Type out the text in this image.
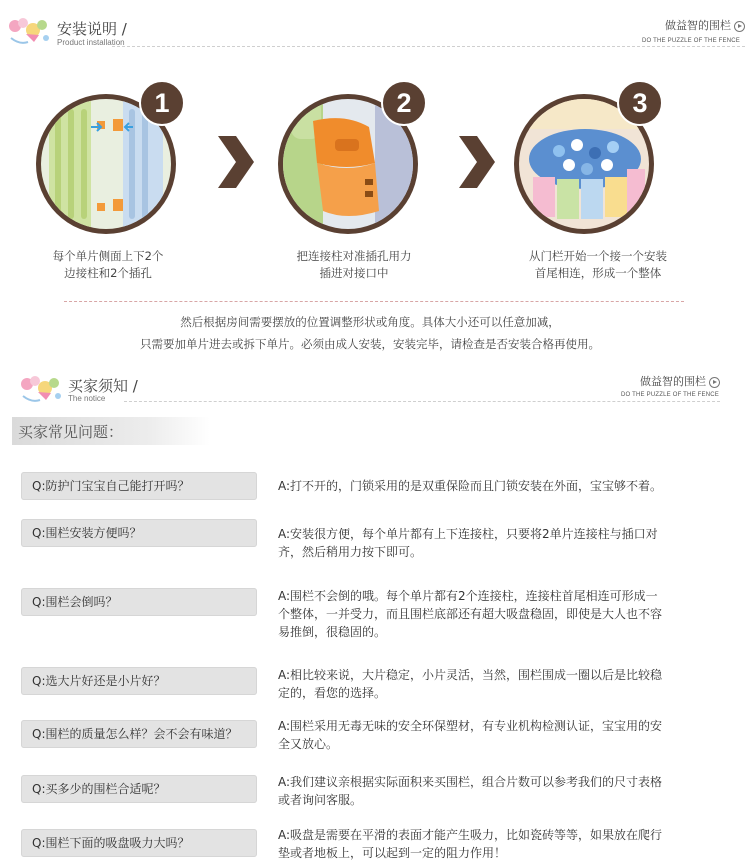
安装说明 /
Product installation
做益智的围栏
DO THE PUZZLE OF THE FENCE
1
每个单片侧面上下2个
边接柱和2个插孔
2
把连接柱对准插孔用力
插进对接口中
3
从门栏开始一个接一个安装
首尾相连，形成一个整体
然后根据房间需要摆放的位置调整形状或角度。具体大小还可以任意加减，
只需要加单片进去或拆下单片。必须由成人安装，安装完毕，请检查是否安装合格再使用。
买家须知 /
The notice
做益智的围栏
DO THE PUZZLE OF THE FENCE
买家常见问题：
Q:防护门宝宝自己能打开吗？	A:打不开的，门锁采用的是双重保险而且门锁安装在外面，宝宝够不着。
Q:围栏安装方便吗？	A:安装很方便，每个单片都有上下连接柱，只要将2单片连接柱与插口对
齐，然后稍用力按下即可。
Q:围栏会倒吗？	A:围栏不会倒的哦。每个单片都有2个连接柱，连接柱首尾相连可形成一
个整体，一并受力，而且围栏底部还有超大吸盘稳固，即使是大人也不容
易推倒，很稳固的。
Q:选大片好还是小片好？	A:相比较来说，大片稳定，小片灵活，当然，围栏围成一圈以后是比较稳
定的，看您的选择。
Q:围栏的质量怎么样？会不会有味道？
A:围栏采用无毒无味的安全环保塑材，有专业机构检测认证，宝宝用的安
全又放心。
Q:买多少的围栏合适呢？	A:我们建议亲根据实际面积来买围栏，组合片数可以参考我们的尺寸表格
或者询问客服。
Q:围栏下面的吸盘吸力大吗？
A:吸盘是需要在平滑的表面才能产生吸力，比如瓷砖等等，如果放在爬行
垫或者地板上，可以起到一定的阻力作用！
